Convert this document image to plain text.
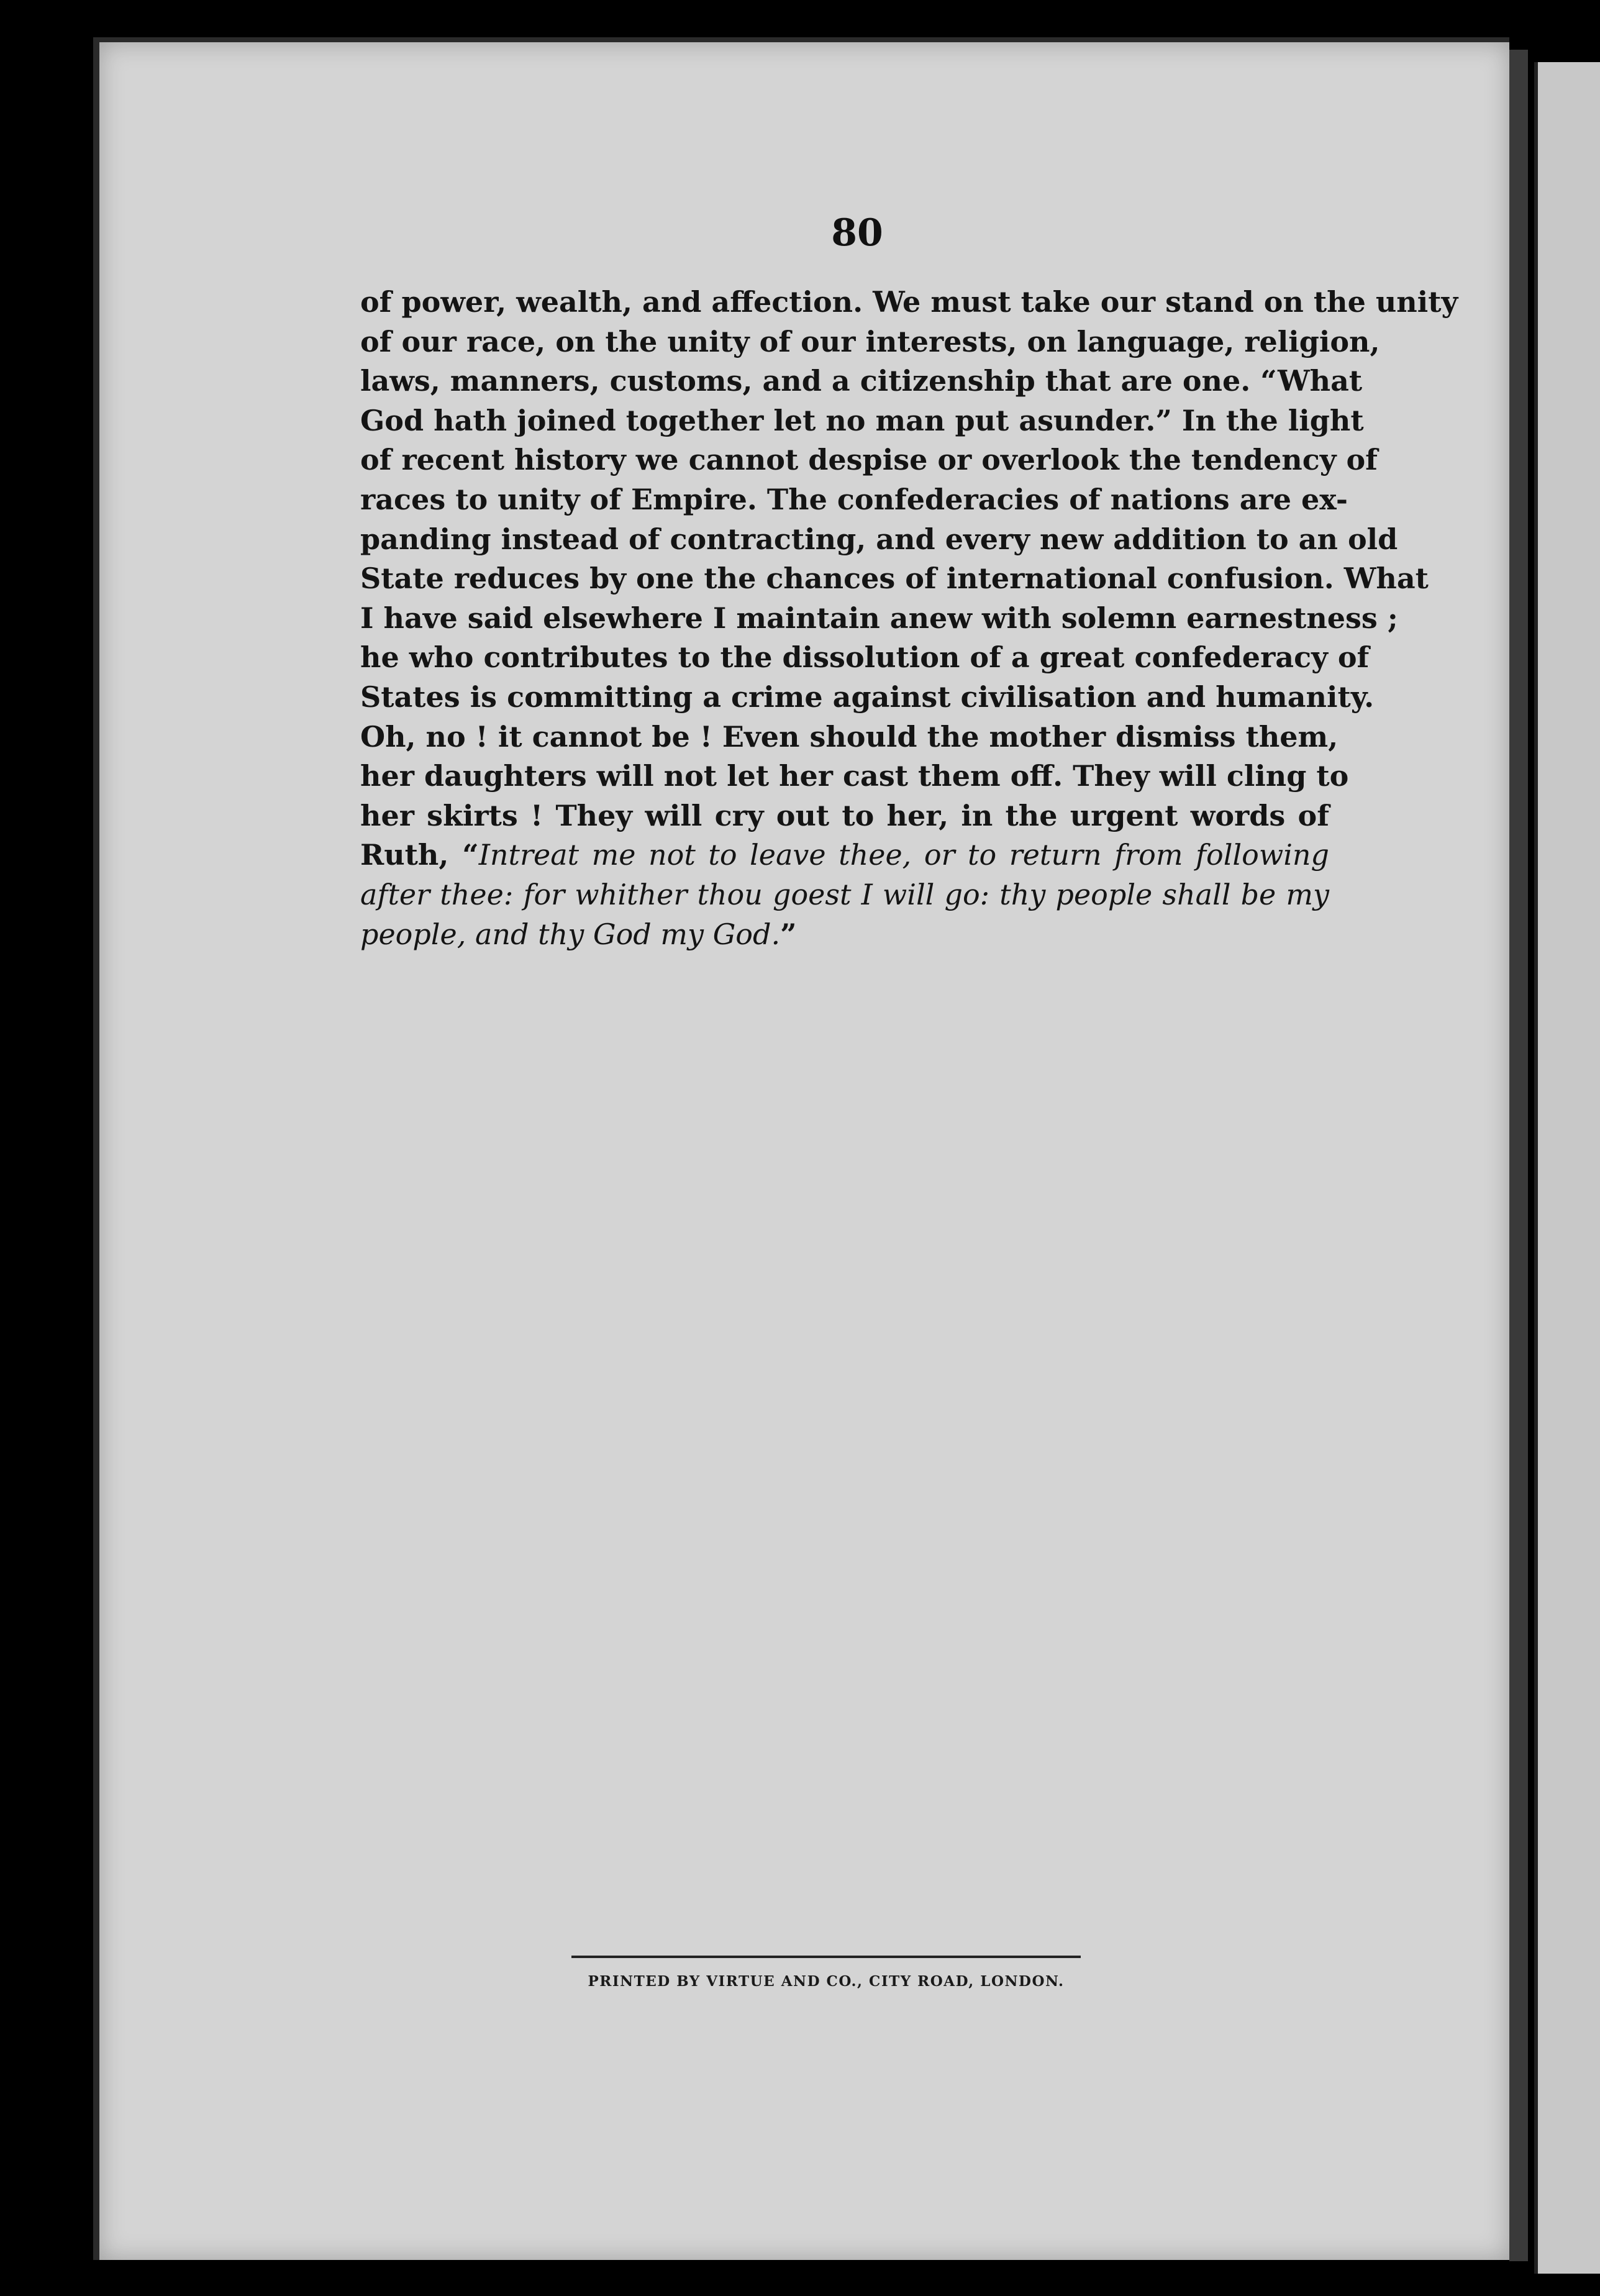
80
of power, wealth, and affection. We must take our stand on the unity
of our race, on the unity of our interests, on language, religion,
laws, manners, customs, and a citizenship that are one. “What
God hath joined together let no man put asunder.” In the light
of recent history we cannot despise or overlook the tendency of
races to unity of Empire. The confederacies of nations are ex-
panding instead of contracting, and every new addition to an old
State reduces by one the chances of international confusion. What
I have said elsewhere I maintain anew with solemn earnestness ;
he who contributes to the dissolution of a great confederacy of
States is committing a crime against civilisation and humanity.
Oh, no ! it cannot be ! Even should the mother dismiss them,
her daughters will not let her cast them off. They will cling to
her skirts ! They will cry out to her, in the urgent words of
Ruth, “Intreat me not to leave thee, or to return from following
after thee: for whither thou goest I will go: thy people shall be my
people, and thy God my God.”
PRINTED BY VIRTUE AND CO., CITY ROAD, LONDON.
